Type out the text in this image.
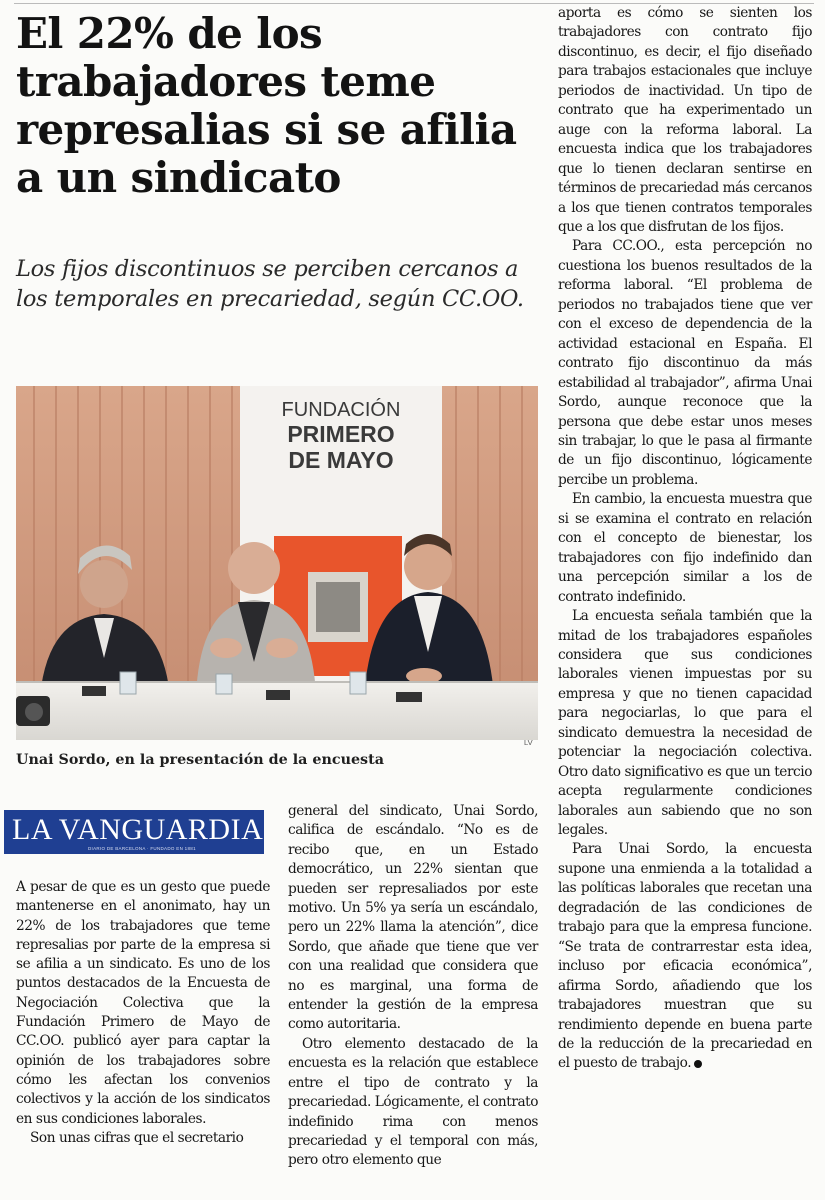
El 22% de los trabajadores teme represalias si se afilia a un sindicato

Los fijos discontinuos se perciben cercanos a los temporales en precariedad, según CC.OO.

FUNDACIÓN
PRIMERO
DE MAYO
LV

Unai Sordo, en la presentación de la encuesta

LA VANGUARDIA
DIARIO DE BARCELONA · FUNDADO EN 1881

A pesar de que es un gesto que puede mantenerse en el anonimato, hay un 22% de los trabajadores que teme represalias por parte de la empresa si se afilia a un sindicato. Es uno de los puntos destacados de la Encuesta de Negociación Colectiva que la Fundación Primero de Mayo de CC.OO. publicó ayer para captar la opinión de los trabajadores sobre cómo les afectan los convenios colectivos y la acción de los sindicatos en sus condiciones laborales.

Son unas cifras que el secretario

general del sindicato, Unai Sordo, califica de escándalo. “No es de recibo que, en un Estado democrático, un 22% sientan que pueden ser represaliados por este motivo. Un 5% ya sería un escándalo, pero un 22% llama la atención”, dice Sordo, que añade que tiene que ver con una realidad que considera que no es marginal, una forma de entender la gestión de la empresa como autoritaria.

Otro elemento destacado de la encuesta es la relación que establece entre el tipo de contrato y la precariedad. Lógicamente, el contrato indefinido rima con menos precariedad y el temporal con más, pero otro elemento que

aporta es cómo se sienten los trabajadores con contrato fijo discontinuo, es decir, el fijo diseñado para trabajos estacionales que incluye periodos de inactividad. Un tipo de contrato que ha experimentado un auge con la reforma laboral. La encuesta indica que los trabajadores que lo tienen declaran sentirse en términos de precariedad más cercanos a los que tienen contratos temporales que a los que disfrutan de los fijos.

Para CC.OO., esta percepción no cuestiona los buenos resultados de la reforma laboral. “El problema de periodos no trabajados tiene que ver con el exceso de dependencia de la actividad estacional en España. El contrato fijo discontinuo da más estabilidad al trabajador”, afirma Unai Sordo, aunque reconoce que la persona que debe estar unos meses sin trabajar, lo que le pasa al firmante de un fijo discontinuo, lógicamente percibe un problema.

En cambio, la encuesta muestra que si se examina el contrato en relación con el concepto de bienestar, los trabajadores con fijo indefinido dan una percepción similar a los de contrato indefinido.

La encuesta señala también que la mitad de los trabajadores españoles considera que sus condiciones laborales vienen impuestas por su empresa y que no tienen capacidad para negociarlas, lo que para el sindicato demuestra la necesidad de potenciar la negociación colectiva. Otro dato significativo es que un tercio acepta regularmente condiciones laborales aun sabiendo que no son legales.

Para Unai Sordo, la encuesta supone una enmienda a la totalidad a las políticas laborales que recetan una degradación de las condiciones de trabajo para que la empresa funcione. “Se trata de contrarrestar esta idea, incluso por eficacia económica”, afirma Sordo, añadiendo que los trabajadores muestran que su rendimiento depende en buena parte de la reducción de la precariedad en el puesto de trabajo.
